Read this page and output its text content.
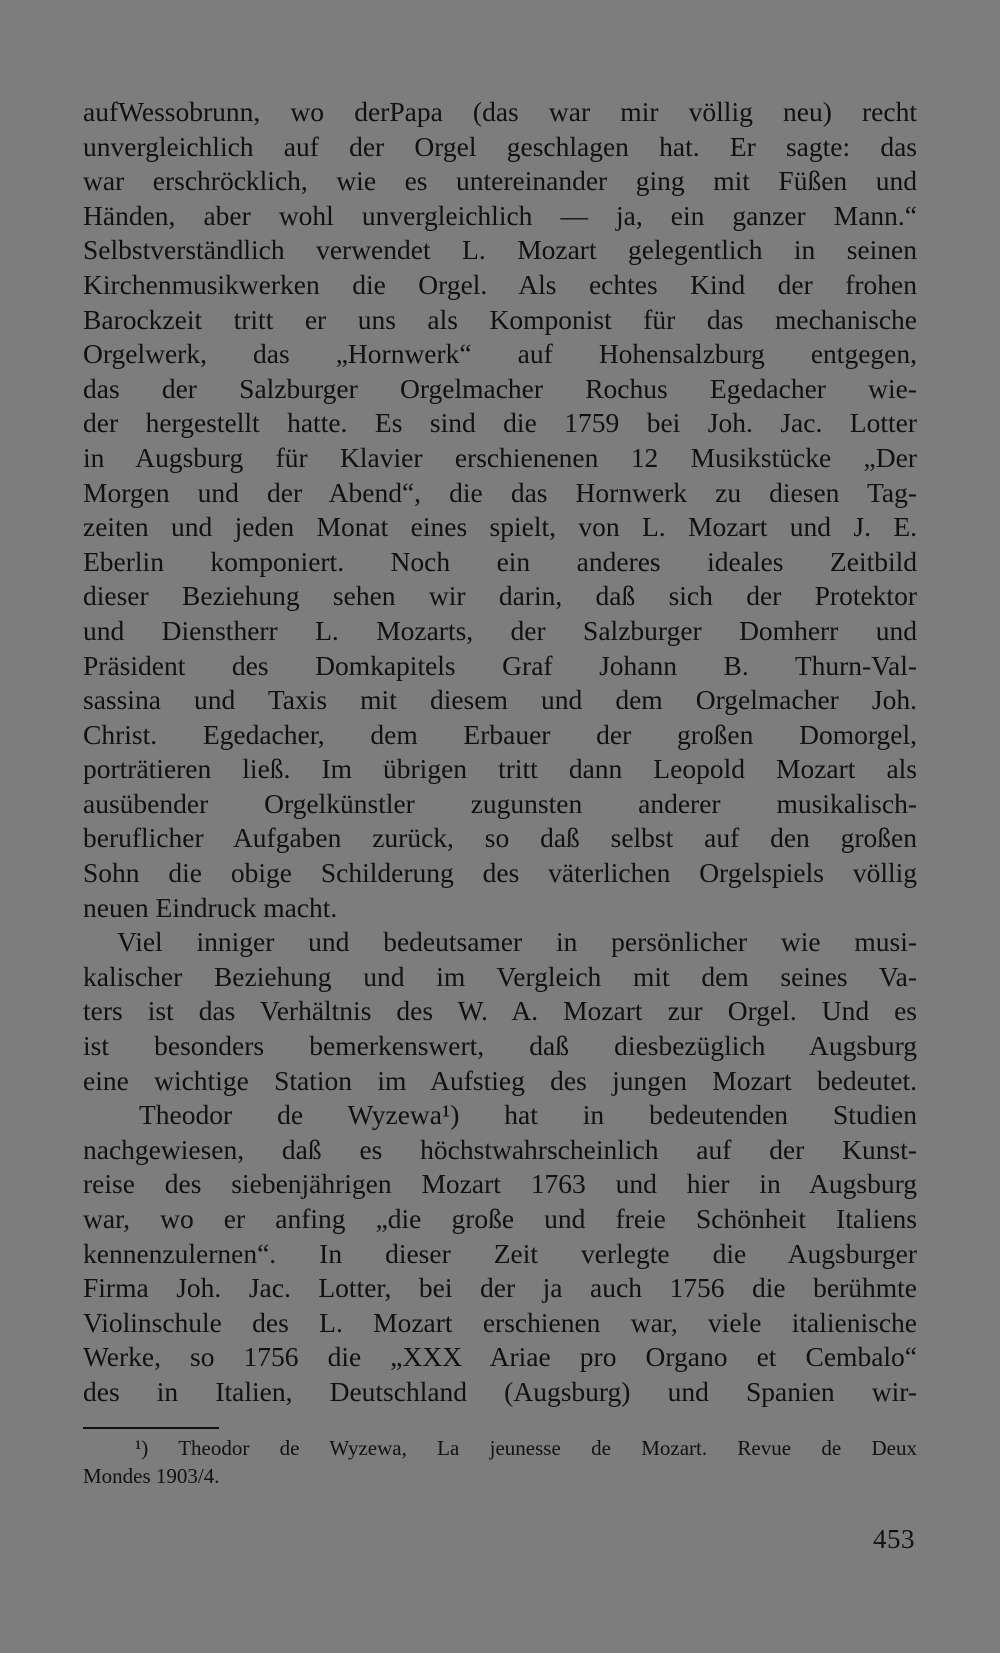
aufWessobrunn, wo derPapa (das war mir völlig neu) recht
unvergleichlich auf der Orgel geschlagen hat. Er sagte: das
war erschröcklich, wie es untereinander ging mit Füßen und
Händen, aber wohl unvergleichlich — ja, ein ganzer Mann.“
Selbstverständlich verwendet L. Mozart gelegentlich in seinen
Kirchenmusikwerken die Orgel. Als echtes Kind der frohen
Barockzeit tritt er uns als Komponist für das mechanische
Orgelwerk, das „Hornwerk“ auf Hohensalzburg entgegen,
das der Salzburger Orgelmacher Rochus Egedacher wie-
der hergestellt hatte. Es sind die 1759 bei Joh. Jac. Lotter
in Augsburg für Klavier erschienenen 12 Musikstücke „Der
Morgen und der Abend“, die das Hornwerk zu diesen Tag-
zeiten und jeden Monat eines spielt, von L. Mozart und J. E.
Eberlin komponiert. Noch ein anderes ideales Zeitbild
dieser Beziehung sehen wir darin, daß sich der Protektor
und Dienstherr L. Mozarts, der Salzburger Domherr und
Präsident des Domkapitels Graf Johann B. Thurn-Val-
sassina und Taxis mit diesem und dem Orgelmacher Joh.
Christ. Egedacher, dem Erbauer der großen Domorgel,
porträtieren ließ. Im übrigen tritt dann Leopold Mozart als
ausübender Orgelkünstler zugunsten anderer musikalisch-
beruflicher Aufgaben zurück, so daß selbst auf den großen
Sohn die obige Schilderung des väterlichen Orgelspiels völlig
neuen Eindruck macht.
Viel inniger und bedeutsamer in persönlicher wie musi-
kalischer Beziehung und im Vergleich mit dem seines Va-
ters ist das Verhältnis des W. A. Mozart zur Orgel. Und es
ist besonders bemerkenswert, daß diesbezüglich Augsburg
eine wichtige Station im Aufstieg des jungen Mozart bedeutet.
Theodor de Wyzewa¹) hat in bedeutenden Studien
nachgewiesen, daß es höchstwahrscheinlich auf der Kunst-
reise des siebenjährigen Mozart 1763 und hier in Augsburg
war, wo er anfing „die große und freie Schönheit Italiens
kennenzulernen“. In dieser Zeit verlegte die Augsburger
Firma Joh. Jac. Lotter, bei der ja auch 1756 die berühmte
Violinschule des L. Mozart erschienen war, viele italienische
Werke, so 1756 die „XXX Ariae pro Organo et Cembalo“
des in Italien, Deutschland (Augsburg) und Spanien wir-
¹) Theodor de Wyzewa, La jeunesse de Mozart. Revue de Deux
Mondes 1903/4.
453
